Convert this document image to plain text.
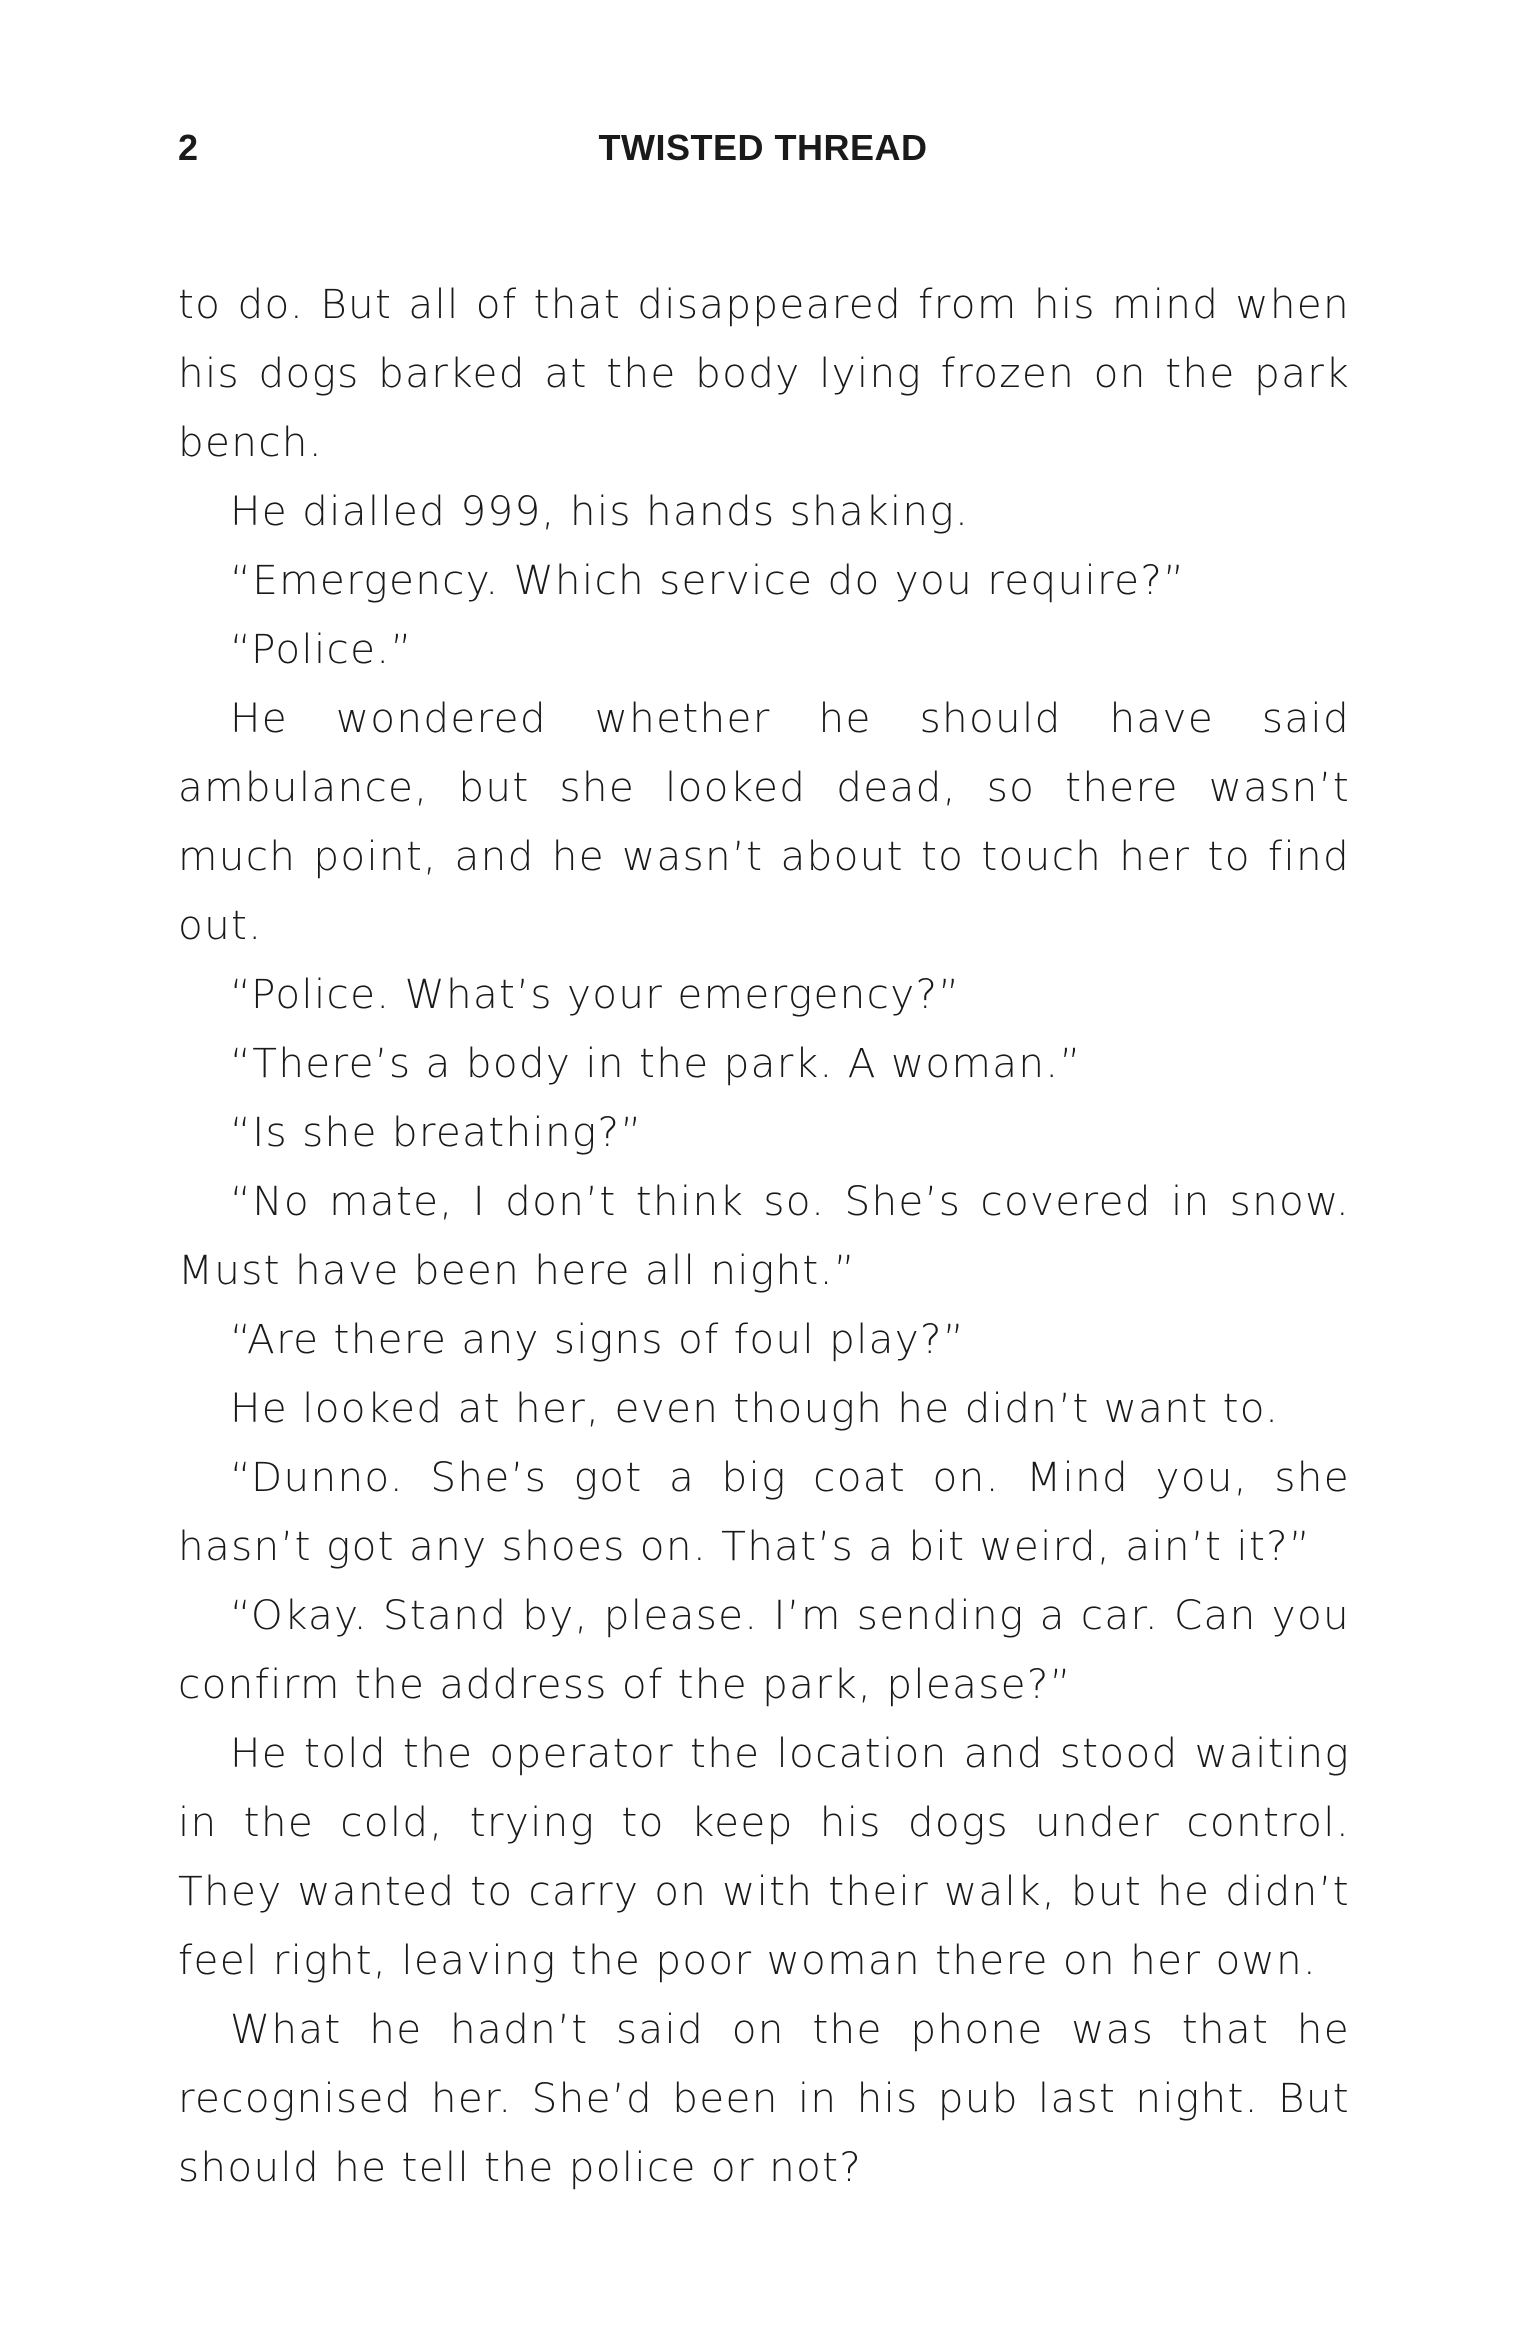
2	TWISTED THREAD

to do. But all of that disappeared from his mind when his dogs barked at the body lying frozen on the park bench.

He dialled 999, his hands shaking.

“Emergency. Which service do you require?”

“Police.”

He wondered whether he should have said ambulance, but she looked dead, so there wasn’t much point, and he wasn’t about to touch her to find out.

“Police. What’s your emergency?”

“There’s a body in the park. A woman.”

“Is she breathing?”

“No mate, I don’t think so. She’s covered in snow. Must have been here all night.”

“Are there any signs of foul play?”

He looked at her, even though he didn’t want to.

“Dunno. She’s got a big coat on. Mind you, she hasn’t got any shoes on. That’s a bit weird, ain’t it?”

“Okay. Stand by, please. I’m sending a car. Can you confirm the address of the park, please?”

He told the operator the location and stood waiting in the cold, trying to keep his dogs under control. They wanted to carry on with their walk, but he didn’t feel right, leaving the poor woman there on her own.

What he hadn’t said on the phone was that he recognised her. She’d been in his pub last night. But should he tell the police or not?
